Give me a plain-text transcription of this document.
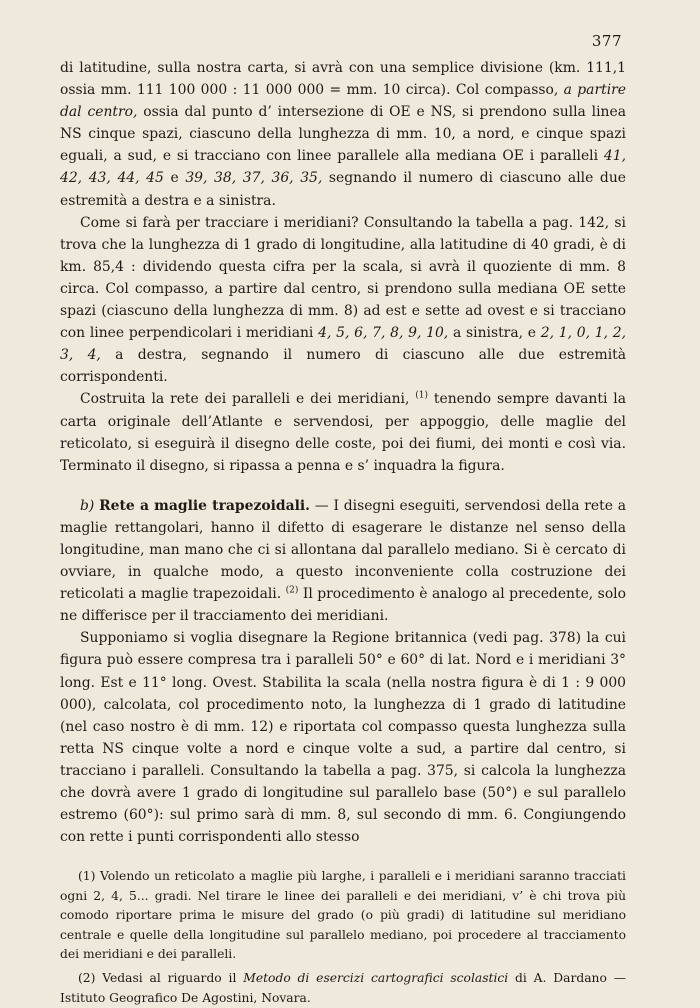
377

di latitudine, sulla nostra carta, si avrà con una semplice divisione (km. 111,1 ossia mm. 111 100 000 : 11 000 000 = mm. 10 circa). Col compasso, a partire dal centro, ossia dal punto d’ intersezione di OE e NS, si prendono sulla linea NS cinque spazi, ciascuno della lunghezza di mm. 10, a nord, e cinque spazi eguali, a sud, e si tracciano con linee parallele alla mediana OE i paralleli 41, 42, 43, 44, 45 e 39, 38, 37, 36, 35, segnando il numero di ciascuno alle due estremità a destra e a sinistra.

Come si farà per tracciare i meridiani? Consultando la tabella a pag. 142, si trova che la lunghezza di 1 grado di longitudine, alla latitudine di 40 gradi, è di km. 85,4 : dividendo questa cifra per la scala, si avrà il quoziente di mm. 8 circa. Col compasso, a partire dal centro, si prendono sulla mediana OE sette spazi (ciascuno della lunghezza di mm. 8) ad est e sette ad ovest e si tracciano con linee perpendicolari i meridiani 4, 5, 6, 7, 8, 9, 10, a sinistra, e 2, 1, 0, 1, 2, 3, 4, a destra, segnando il numero di ciascuno alle due estremità corrispondenti.

Costruita la rete dei paralleli e dei meridiani, $^{(1)}$ tenendo sempre davanti la carta originale dell’Atlante e servendosi, per appoggio, delle maglie del reticolato, si eseguirà il disegno delle coste, poi dei fiumi, dei monti e così via. Terminato il disegno, si ripassa a penna e s’ inquadra la figura.

b) Rete a maglie trapezoidali. — I disegni eseguiti, servendosi della rete a maglie rettangolari, hanno il difetto di esagerare le distanze nel senso della longitudine, man mano che ci si allontana dal parallelo mediano. Si è cercato di ovviare, in qualche modo, a questo inconveniente colla costruzione dei reticolati a maglie trapezoidali. $^{(2)}$ Il procedimento è analogo al precedente, solo ne differisce per il tracciamento dei meridiani.

Supponiamo si voglia disegnare la Regione britannica (vedi pag. 378) la cui figura può essere compresa tra i paralleli 50° e 60° di lat. Nord e i meridiani 3° long. Est e 11° long. Ovest. Stabilita la scala (nella nostra figura è di 1 : 9 000 000), calcolata, col procedimento noto, la lunghezza di 1 grado di latitudine (nel caso nostro è di mm. 12) e riportata col compasso questa lunghezza sulla retta NS cinque volte a nord e cinque volte a sud, a partire dal centro, si tracciano i paralleli. Consultando la tabella a pag. 375, si calcola la lunghezza che dovrà avere 1 grado di longitudine sul parallelo base (50°) e sul parallelo estremo (60°): sul primo sarà di mm. 8, sul secondo di mm. 6. Congiungendo con rette i punti corrispondenti allo stesso

(1) Volendo un reticolato a maglie più larghe, i paralleli e i meridiani saranno tracciati ogni 2, 4, 5... gradi. Nel tirare le linee dei paralleli e dei meridiani, v’ è chi trova più comodo riportare prima le misure del grado (o più gradi) di latitudine sul meridiano centrale e quelle della longitudine sul parallelo mediano, poi procedere al tracciamento dei meridiani e dei paralleli.

(2) Vedasi al riguardo il Metodo di esercizi cartografici scolastici di A. Dardano — Istituto Geografico De Agostini, Novara.
